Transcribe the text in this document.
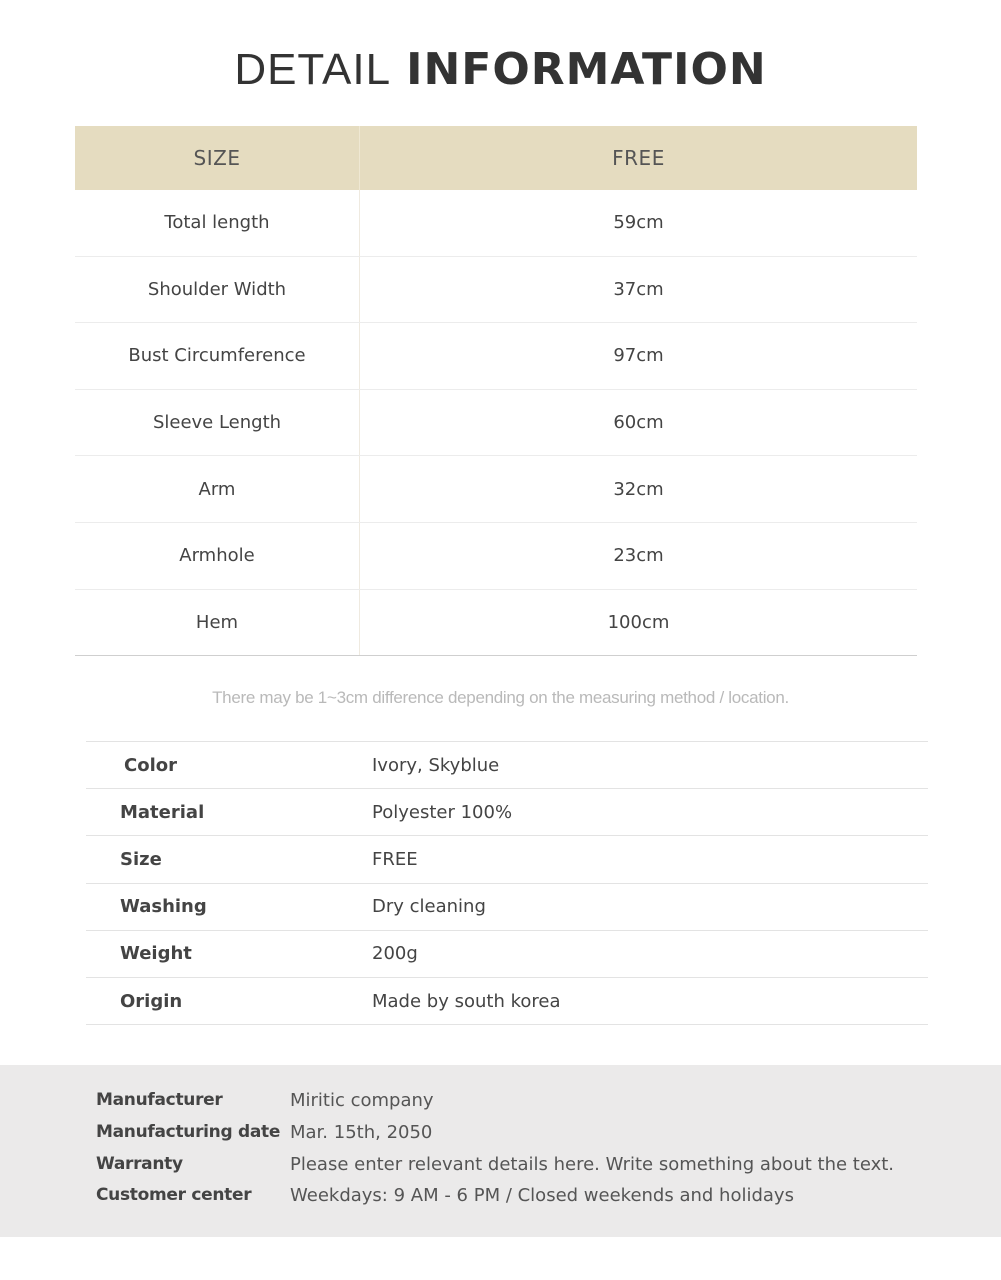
DETAIL INFORMATION
SIZE	FREE
Total length	59cm
Shoulder Width	37cm
Bust Circumference	97cm
Sleeve Length	60cm
Arm	32cm
Armhole	23cm
Hem	100cm
There may be 1~3cm difference depending on the measuring method / location.
Color	Ivory, Skyblue
Material	Polyester 100%
Size	FREE
Washing	Dry cleaning
Weight	200g
Origin	Made by south korea
Manufacturer	Miritic company
Manufacturing date Mar. 15th, 2050
Warranty	Please enter relevant details here. Write something about the text.
Customer center	Weekdays: 9 AM - 6 PM / Closed weekends and holidays
